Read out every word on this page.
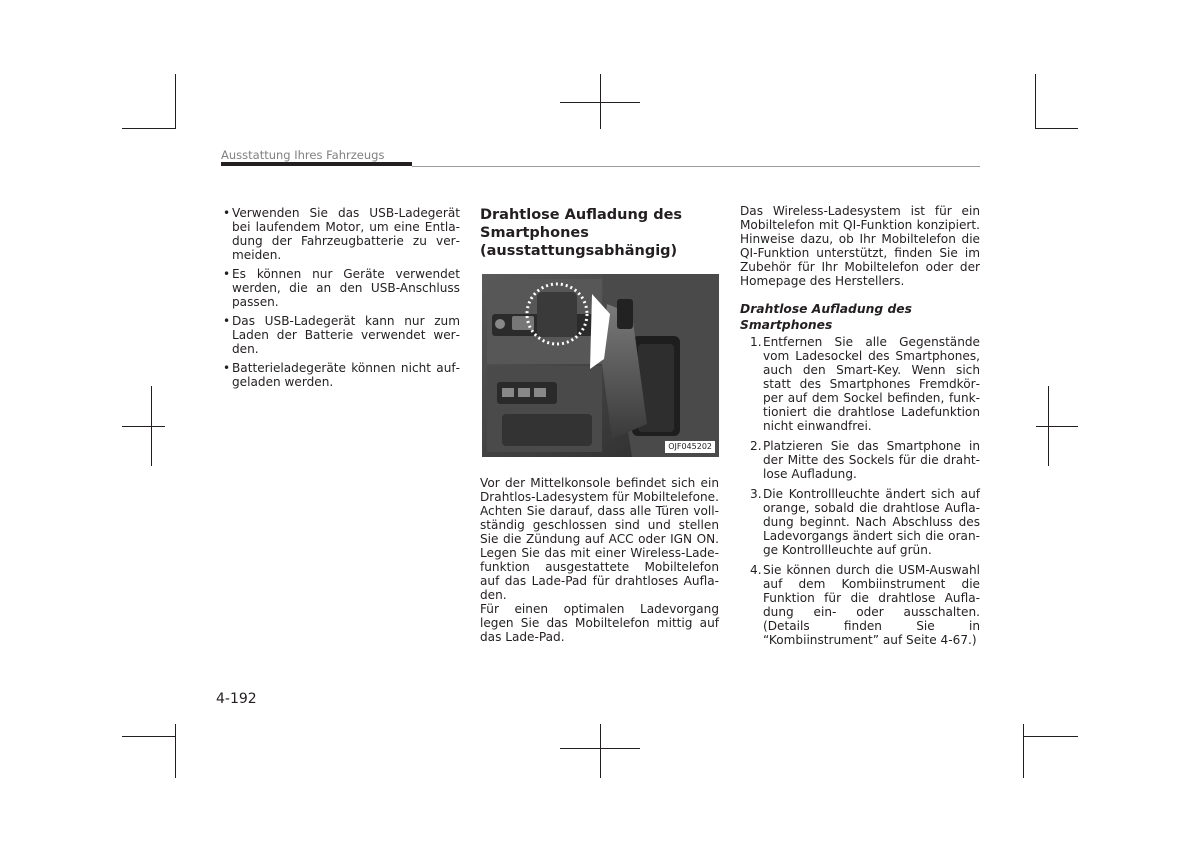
Ausstattung Ihres Fahrzeugs
• Verwenden Sie das USB-Ladegerät bei laufendem Motor, um eine Entladung der Fahrzeugbatterie zu vermeiden.
• Es können nur Geräte verwendet werden, die an den USB-Anschluss passen.
• Das USB-Ladegerät kann nur zum Laden der Batterie verwendet werden.
• Batterieladegeräte können nicht aufgeladen werden.
Drahtlose Aufladung des Smartphones (ausstattungsabhängig)
OJF045202

Vor der Mittelkonsole befindet sich ein Drahtlos-Ladesystem für Mobiltelefone.

Achten Sie darauf, dass alle Türen vollständig geschlossen sind und stellen Sie die Zündung auf ACC oder IGN ON. Legen Sie das mit einer Wireless-Ladefunktion ausgestattete Mobiltelefon auf das Lade-Pad für drahtloses Aufladen.

Für einen optimalen Ladevorgang legen Sie das Mobiltelefon mittig auf das Lade-Pad.

Das Wireless-Ladesystem ist für ein Mobiltelefon mit QI-Funktion konzipiert. Hinweise dazu, ob Ihr Mobiltelefon die QI-Funktion unterstützt, finden Sie im Zubehör für Ihr Mobiltelefon oder der Homepage des Herstellers.

Drahtlose Aufladung des Smartphones
1. Entfernen Sie alle Gegenstände vom Ladesockel des Smartphones, auch den Smart-Key. Wenn sich statt des Smartphones Fremdkörper auf dem Sockel befinden, funktioniert die drahtlose Ladefunktion nicht einwandfrei.
2. Platzieren Sie das Smartphone in der Mitte des Sockels für die drahtlose Aufladung.
3. Die Kontrollleuchte ändert sich auf orange, sobald die drahtlose Aufladung beginnt. Nach Abschluss des Ladevorgangs ändert sich die orange Kontrollleuchte auf grün.
4. Sie können durch die USM-Auswahl auf dem Kombiinstrument die Funktion für die drahtlose Aufladung ein- oder ausschalten. (Details finden Sie in “Kombiinstrument” auf Seite 4-67.)
4-192
